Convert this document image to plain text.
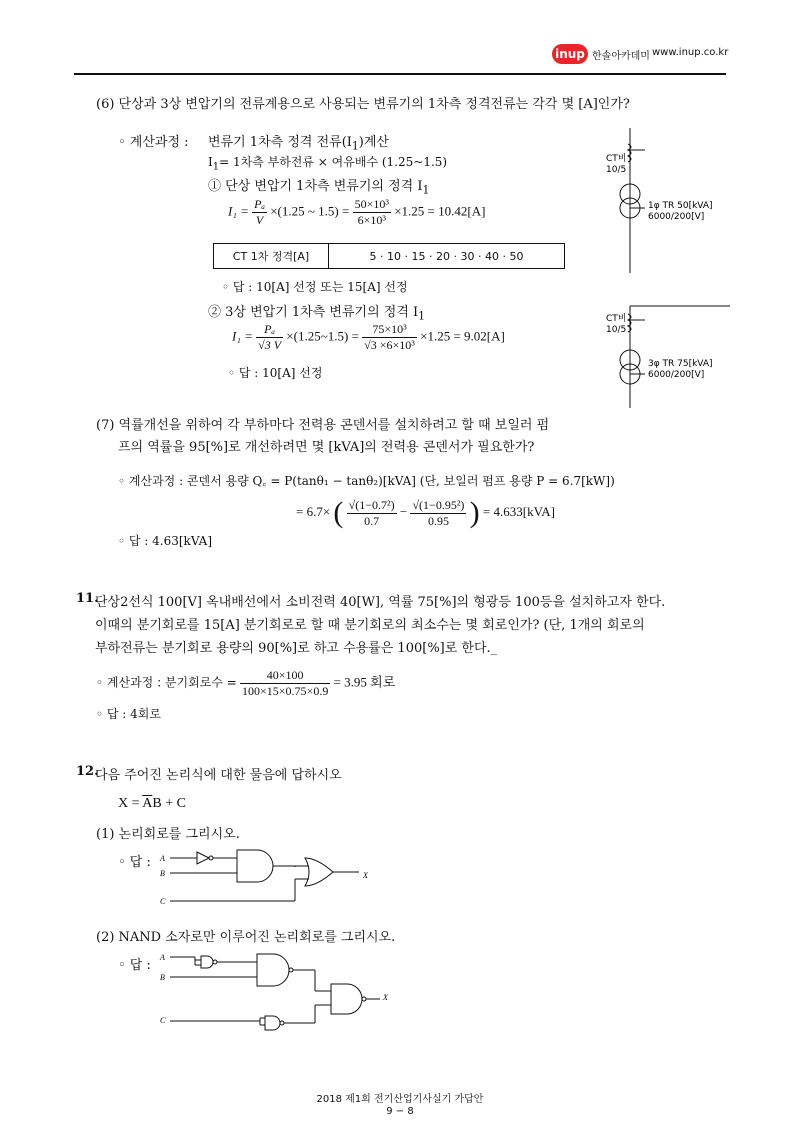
inup 한솔아카데미 www.inup.co.kr
(6) 단상과 3상 변압기의 전류계용으로 사용되는 변류기의 1차측 정격전류는 각각 몇 [A]인가?
◦ 계산과정 : 변류기 1차측 정격 전류$(I_1)$계산
$I_1= 1$차측 부하전류 × 여유배수 (1.25~1.5)
① 단상 변압기 1차측 변류기의 정격 $I_1$
$I_1 = \frac{\text{Pₐ}}{V} \times(1.25$ ~ $1.5) = \frac{\text{50×10³}}{\text{6×10³}} \times 1.25 = 10.42[A]$
CT 1차 정격[A]	5 · 10 · 15 · 20 · 30 · 40 · 50
◦ 답 : 10[A] 선정 또는 15[A] 선정
② 3상 변압기 1차측 변류기의 정격 $I_1$
$I_1 = \frac{\text{Pₐ}}{√3 V}$ ×(1.25~1.5) = $\frac{\text{75×10³}}{\text{√3 ×6×10³}} \times 1.25 = 9.02[A]$
◦ 답 : 10[A] 선정
CT비
10/5
1φ TR 50[kVA]
6000/200[V]
CT비
10/5
3φ TR 75[kVA]
6000/200[V]
(7) 역률개선을 위하여 각 부하마다 전력용 콘덴서를 설치하려고 할 때 보일러 펌
프의 역률을 95[%]로 개선하려면 몇 [kVA]의 전력용 콘덴서가 필요한가?
◦ 계산과정 : 콘덴서 용량 Q꜀ = P(tanθ₁ − tanθ₂)[kVA] (단, 보일러 펌프 용량 P = 6.7[kW])
= 6.7× ( $\frac{\text{√(1−0.7²)}}{0.7} - \frac{\text{√(1−0.95²)}}{0.95}$ ) = 4.633[kVA]
◦ 답 : 4.63[kVA]
11.
단상2선식 100[V] 옥내배선에서 소비전력 40[W], 역률 75[%]의 형광등 100등을 설치하고자 한다.
이때의 분기회로를 15[A] 분기회로로 할 때 분기회로의 최소수는 몇 회로인가? (단, 1개의 회로의
부하전류는 분기회로 용량의 90[%]로 하고 수용률은 100[%]로 한다._
◦ 계산과정 : 분기회로수 = $\frac{40\times 100}{100\times 15\times 0.75\times 0.9} = 3.95$ 회로
◦ 답 : 4회로
12.
다음 주어진 논리식에 대한 물음에 답하시오
$X = \overline{A}B + C$
(1) 논리회로를 그리시오.
◦ 답 : A
B
C
X
(2) NAND 소자로만 이루어진 논리회로를 그리시오.
◦ 답 :
A
B
C
X
2018 제1회 전기산업기사실기 가답안
9 − 8
